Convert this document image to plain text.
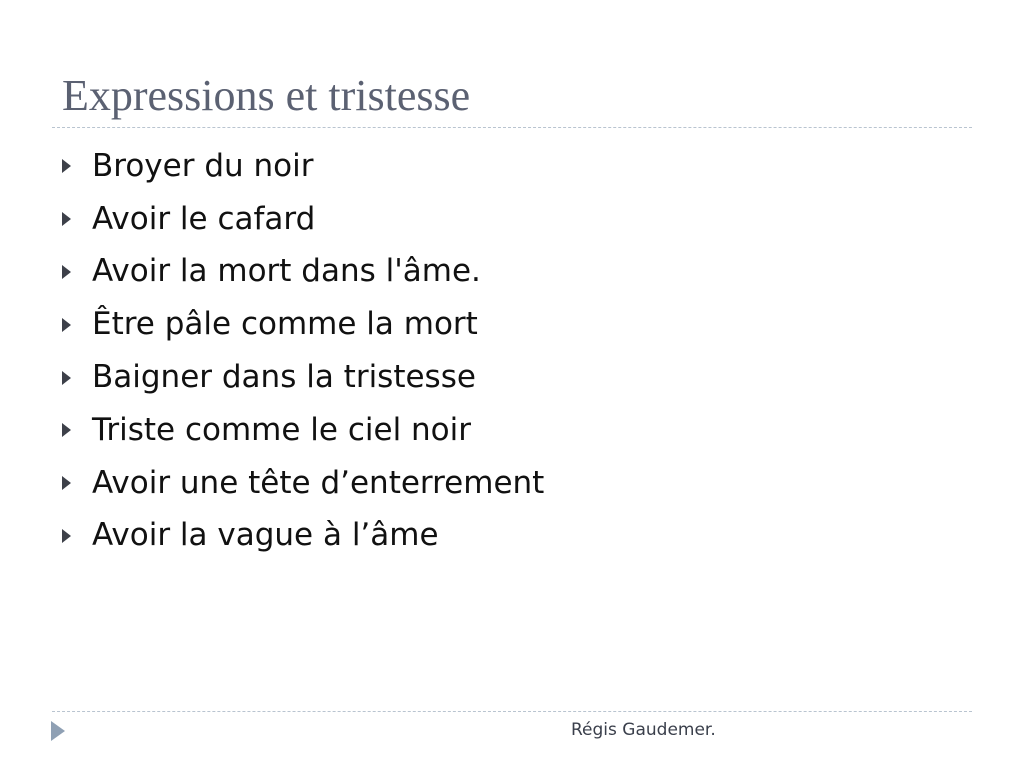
Expressions et tristesse
Broyer du noir
Avoir le cafard
Avoir la mort dans l'âme.
Être pâle comme la mort
Baigner dans la tristesse
Triste comme le ciel noir
Avoir une tête d’enterrement
Avoir la vague à l’âme
Régis Gaudemer.
